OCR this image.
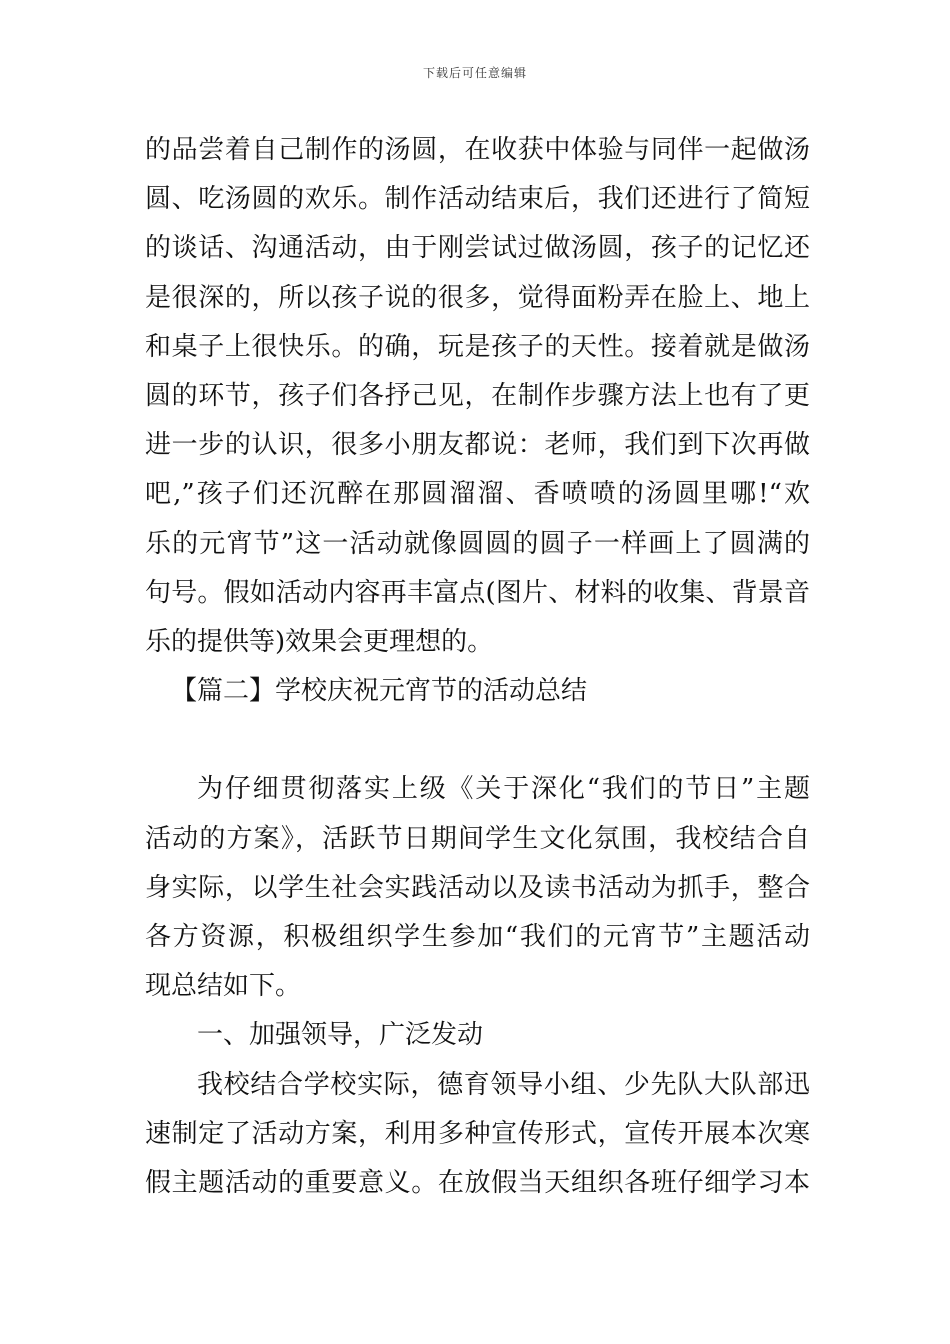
下载后可任意编辑
的品尝着自己制作的汤圆，在收获中体验与同伴一起做汤
圆、吃汤圆的欢乐。制作活动结束后，我们还进行了简短
的谈话、沟通活动，由于刚尝试过做汤圆，孩子的记忆还
是很深的，所以孩子说的很多，觉得面粉弄在脸上、地上
和桌子上很快乐。的确，玩是孩子的天性。接着就是做汤
圆的环节，孩子们各抒己见，在制作步骤方法上也有了更
进一步的认识，很多小朋友都说：老师，我们到下次再做
吧,”孩子们还沉醉在那圆溜溜、香喷喷的汤圆里哪!“欢
乐的元宵节”这一活动就像圆圆的圆子一样画上了圆满的
句号。假如活动内容再丰富点(图片、材料的收集、背景音
乐的提供等)效果会更理想的。
【篇二】学校庆祝元宵节的活动总结
为仔细贯彻落实上级《关于深化“我们的节日”主题
活动的方案》，活跃节日期间学生文化氛围，我校结合自
身实际，以学生社会实践活动以及读书活动为抓手，整合
各方资源，积极组织学生参加“我们的元宵节”主题活动
现总结如下。
一、加强领导，广泛发动
我校结合学校实际，德育领导小组、少先队大队部迅
速制定了活动方案，利用多种宣传形式，宣传开展本次寒
假主题活动的重要意义。在放假当天组织各班仔细学习本
